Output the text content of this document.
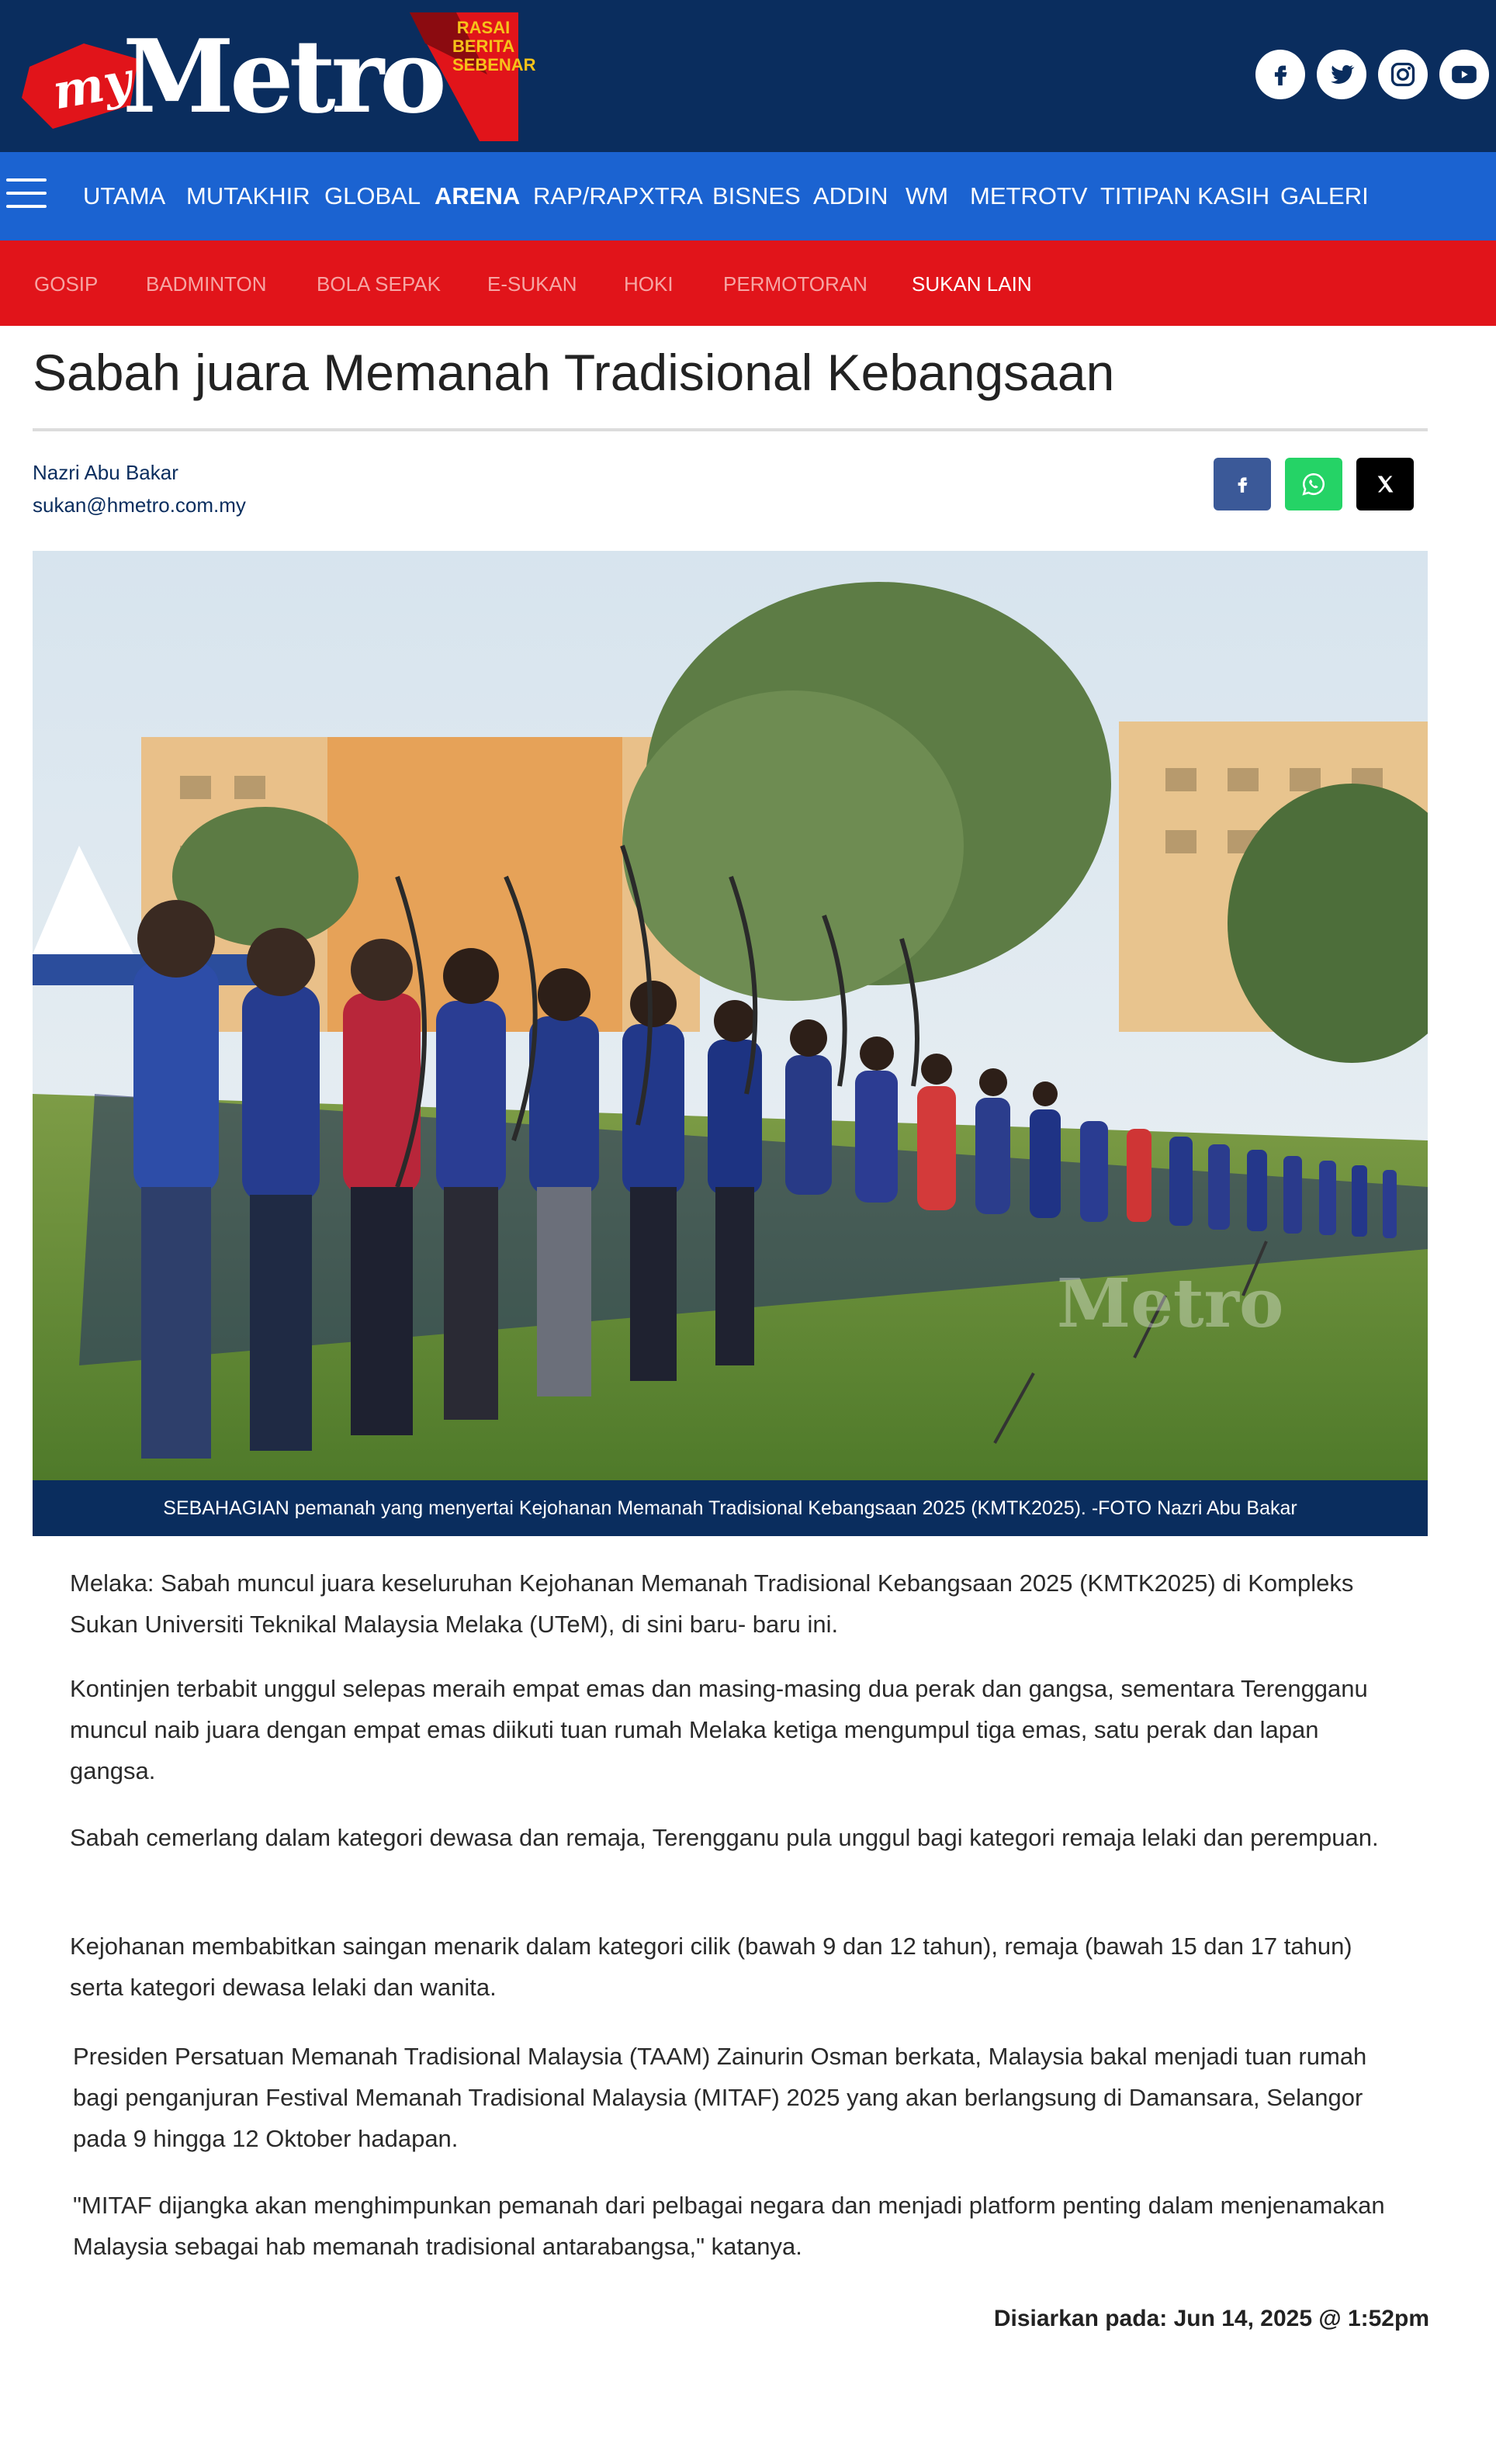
my
Metro RASAI
BERITA
SEBENAR
UTAMA MUTAKHIR GLOBAL ARENA RAP/RAPXTRA BISNES ADDIN WM METROTV TITIPAN KASIH GALERI
GOSIP BADMINTON BOLA SEPAK E-SUKAN HOKI PERMOTORAN SUKAN LAIN
Sabah juara Memanah Tradisional Kebangsaan
Nazri Abu Bakar
sukan@hmetro.com.my
Metro
SEBAHAGIAN pemanah yang menyertai Kejohanan Memanah Tradisional Kebangsaan 2025 (KMTK2025). -FOTO Nazri Abu Bakar

Melaka: Sabah muncul juara keseluruhan Kejohanan Memanah Tradisional Kebangsaan 2025 (KMTK2025) di Kompleks Sukan Universiti Teknikal Malaysia Melaka (UTeM), di sini baru- baru ini.

Kontinjen terbabit unggul selepas meraih empat emas dan masing-masing dua perak dan gangsa, sementara Terengganu muncul naib juara dengan empat emas diikuti tuan rumah Melaka ketiga mengumpul tiga emas, satu perak dan lapan gangsa.

Sabah cemerlang dalam kategori dewasa dan remaja, Terengganu pula unggul bagi kategori remaja lelaki dan perempuan.

Kejohanan membabitkan saingan menarik dalam kategori cilik (bawah 9 dan 12 tahun), remaja (bawah 15 dan 17 tahun) serta kategori dewasa lelaki dan wanita.

Presiden Persatuan Memanah Tradisional Malaysia (TAAM) Zainurin Osman berkata, Malaysia bakal menjadi tuan rumah bagi penganjuran Festival Memanah Tradisional Malaysia (MITAF) 2025 yang akan berlangsung di Damansara, Selangor pada 9 hingga 12 Oktober hadapan.

"MITAF dijangka akan menghimpunkan pemanah dari pelbagai negara dan menjadi platform penting dalam menjenamakan Malaysia sebagai hab memanah tradisional antarabangsa," katanya.

Disiarkan pada: Jun 14, 2025 @ 1:52pm
